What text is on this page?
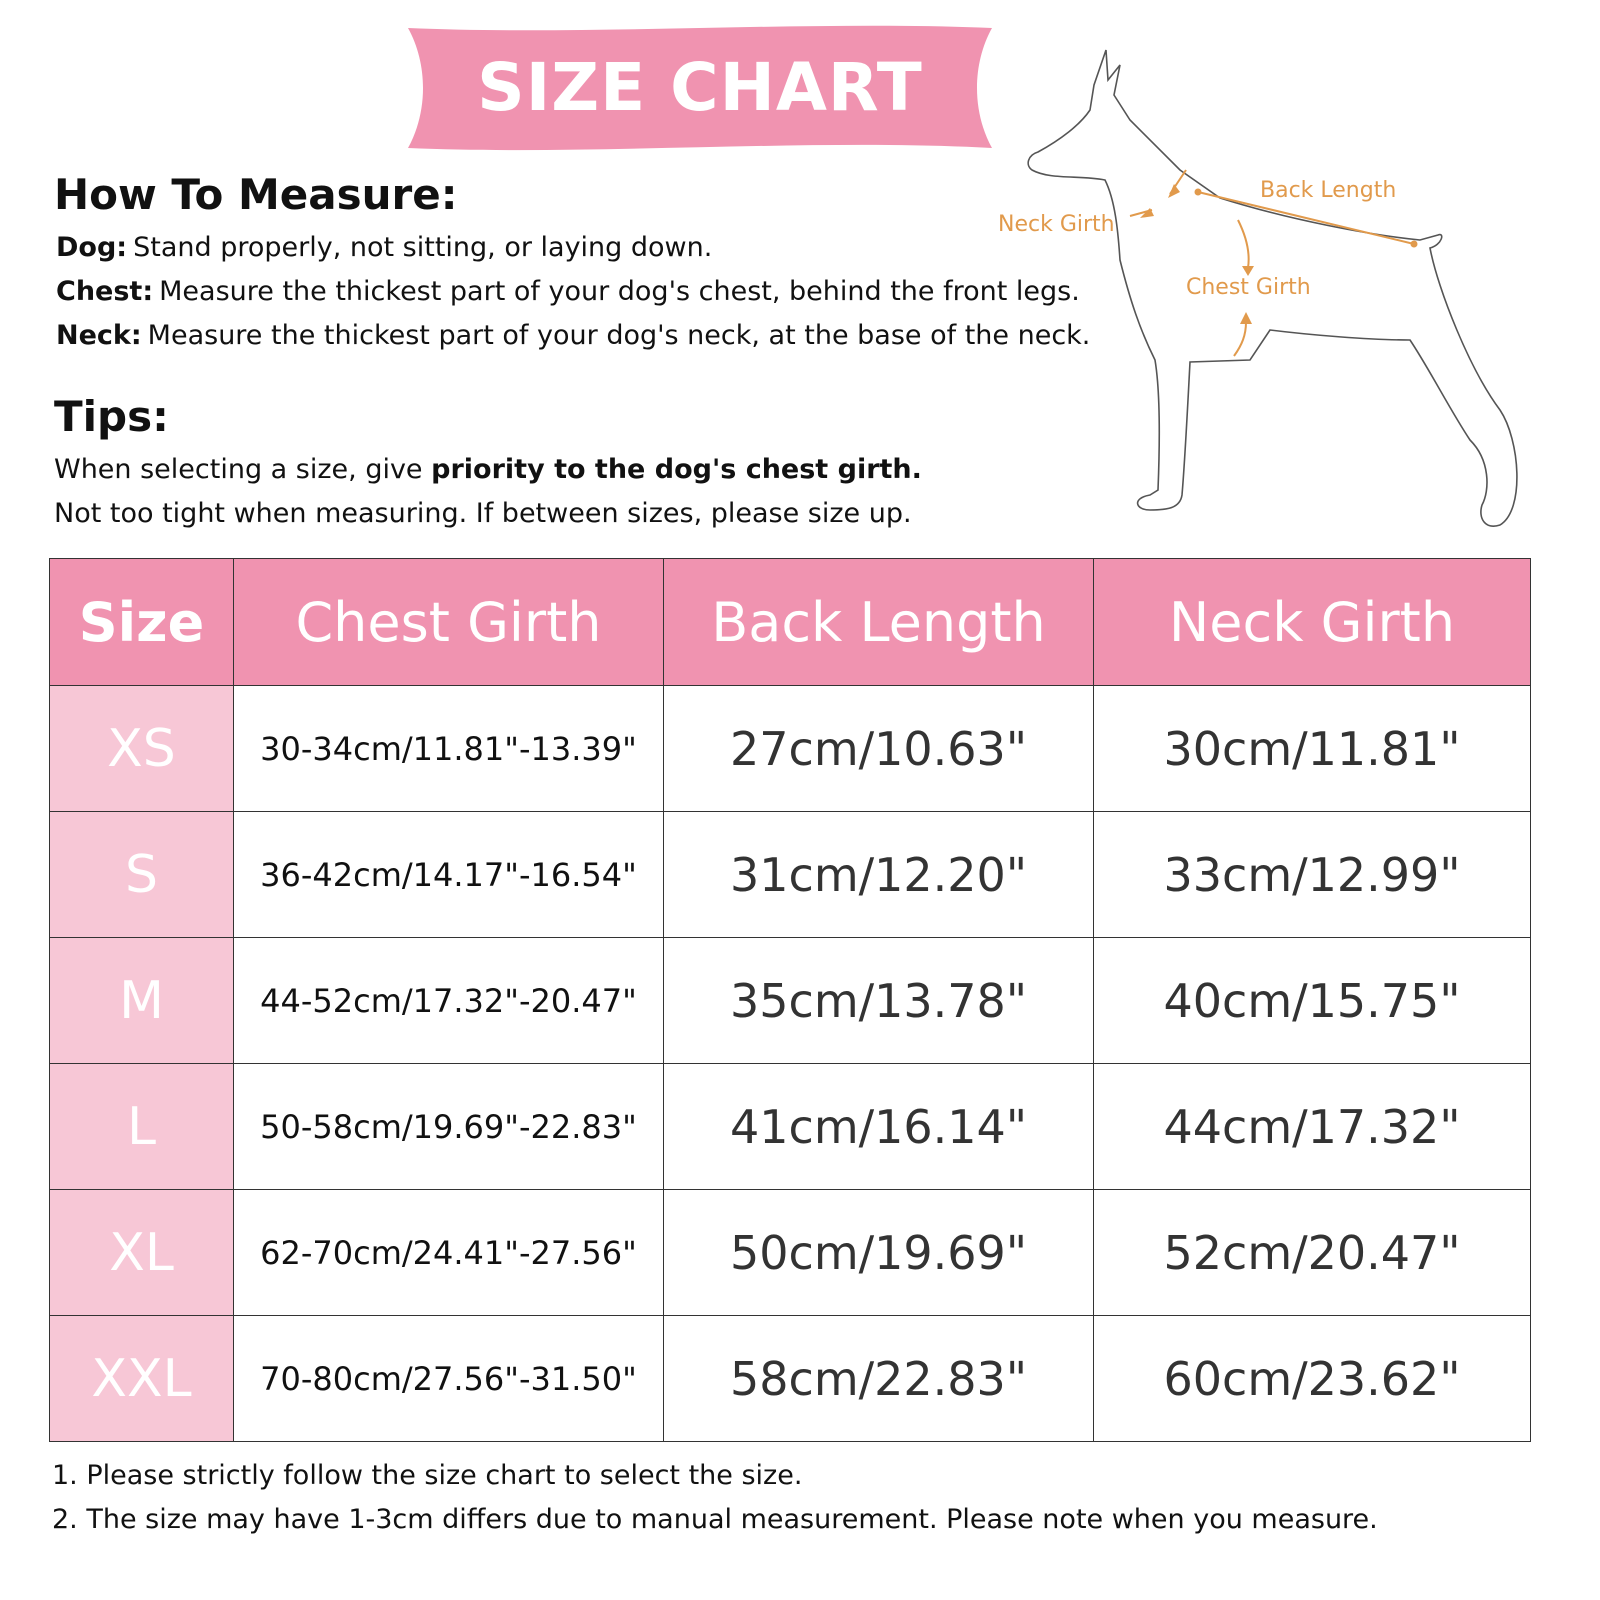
SIZE CHART
How To Measure:
Dog: Stand properly, not sitting, or laying down.
Chest: Measure the thickest part of your dog's chest, behind the front legs.
Neck: Measure the thickest part of your dog's neck, at the base of the neck.
Tips:
When selecting a size, give priority to the dog's chest girth.
Not too tight when measuring. If between sizes, please size up.
Neck Girth
Back Length
Chest Girth
Size	Chest Girth	Back Length	Neck Girth
XS	30-34cm/11.81"-13.39"	27cm/10.63"	30cm/11.81"
S	36-42cm/14.17"-16.54"	31cm/12.20"	33cm/12.99"
M	44-52cm/17.32"-20.47"	35cm/13.78"	40cm/15.75"
L	50-58cm/19.69"-22.83"	41cm/16.14"	44cm/17.32"
XL	62-70cm/24.41"-27.56"	50cm/19.69"	52cm/20.47"
XXL	70-80cm/27.56"-31.50"	58cm/22.83"	60cm/23.62"
1. Please strictly follow the size chart to select the size.
2. The size may have 1-3cm differs due to manual measurement. Please note when you measure.
